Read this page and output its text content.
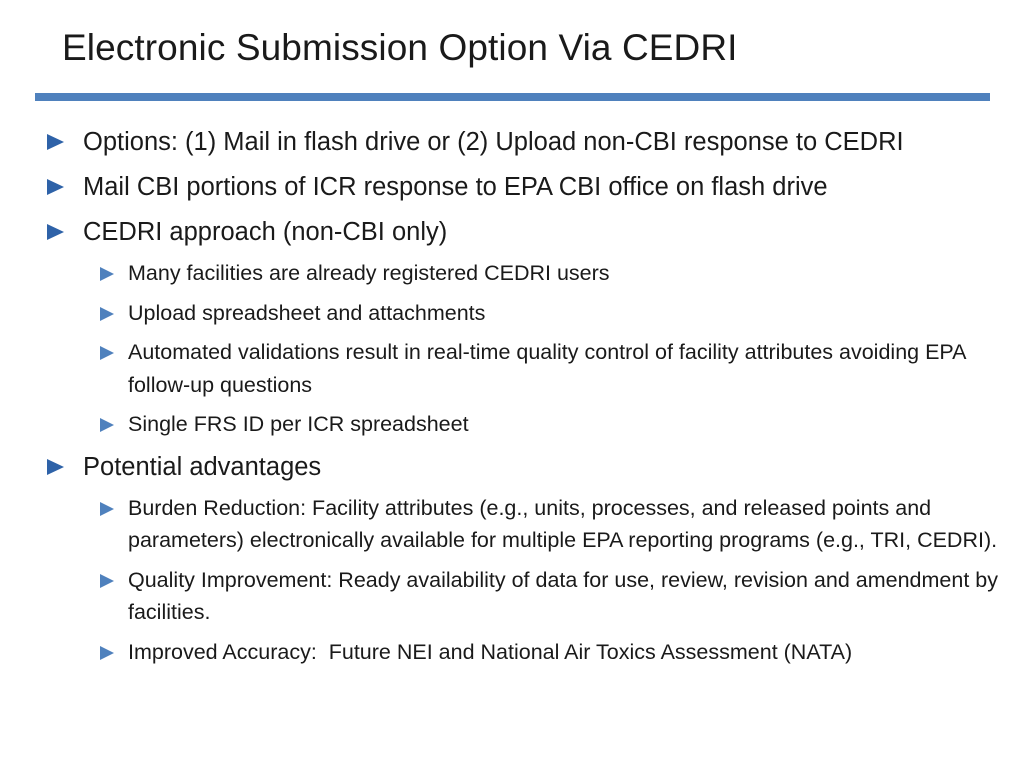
Electronic Submission Option Via CEDRI
Options: (1) Mail in flash drive or (2) Upload non-CBI response to CEDRI
Mail CBI portions of ICR response to EPA CBI office on flash drive
CEDRI approach (non-CBI only)
Many facilities are already registered CEDRI users
Upload spreadsheet and attachments
Automated validations result in real-time quality control of facility attributes avoiding EPA follow-up questions
Single FRS ID per ICR spreadsheet
Potential advantages
Burden Reduction: Facility attributes (e.g., units, processes, and released points and parameters) electronically available for multiple EPA reporting programs (e.g., TRI, CEDRI).
Quality Improvement: Ready availability of data for use, review, revision and amendment by facilities.
Improved Accuracy:  Future NEI and National Air Toxics Assessment (NATA)
